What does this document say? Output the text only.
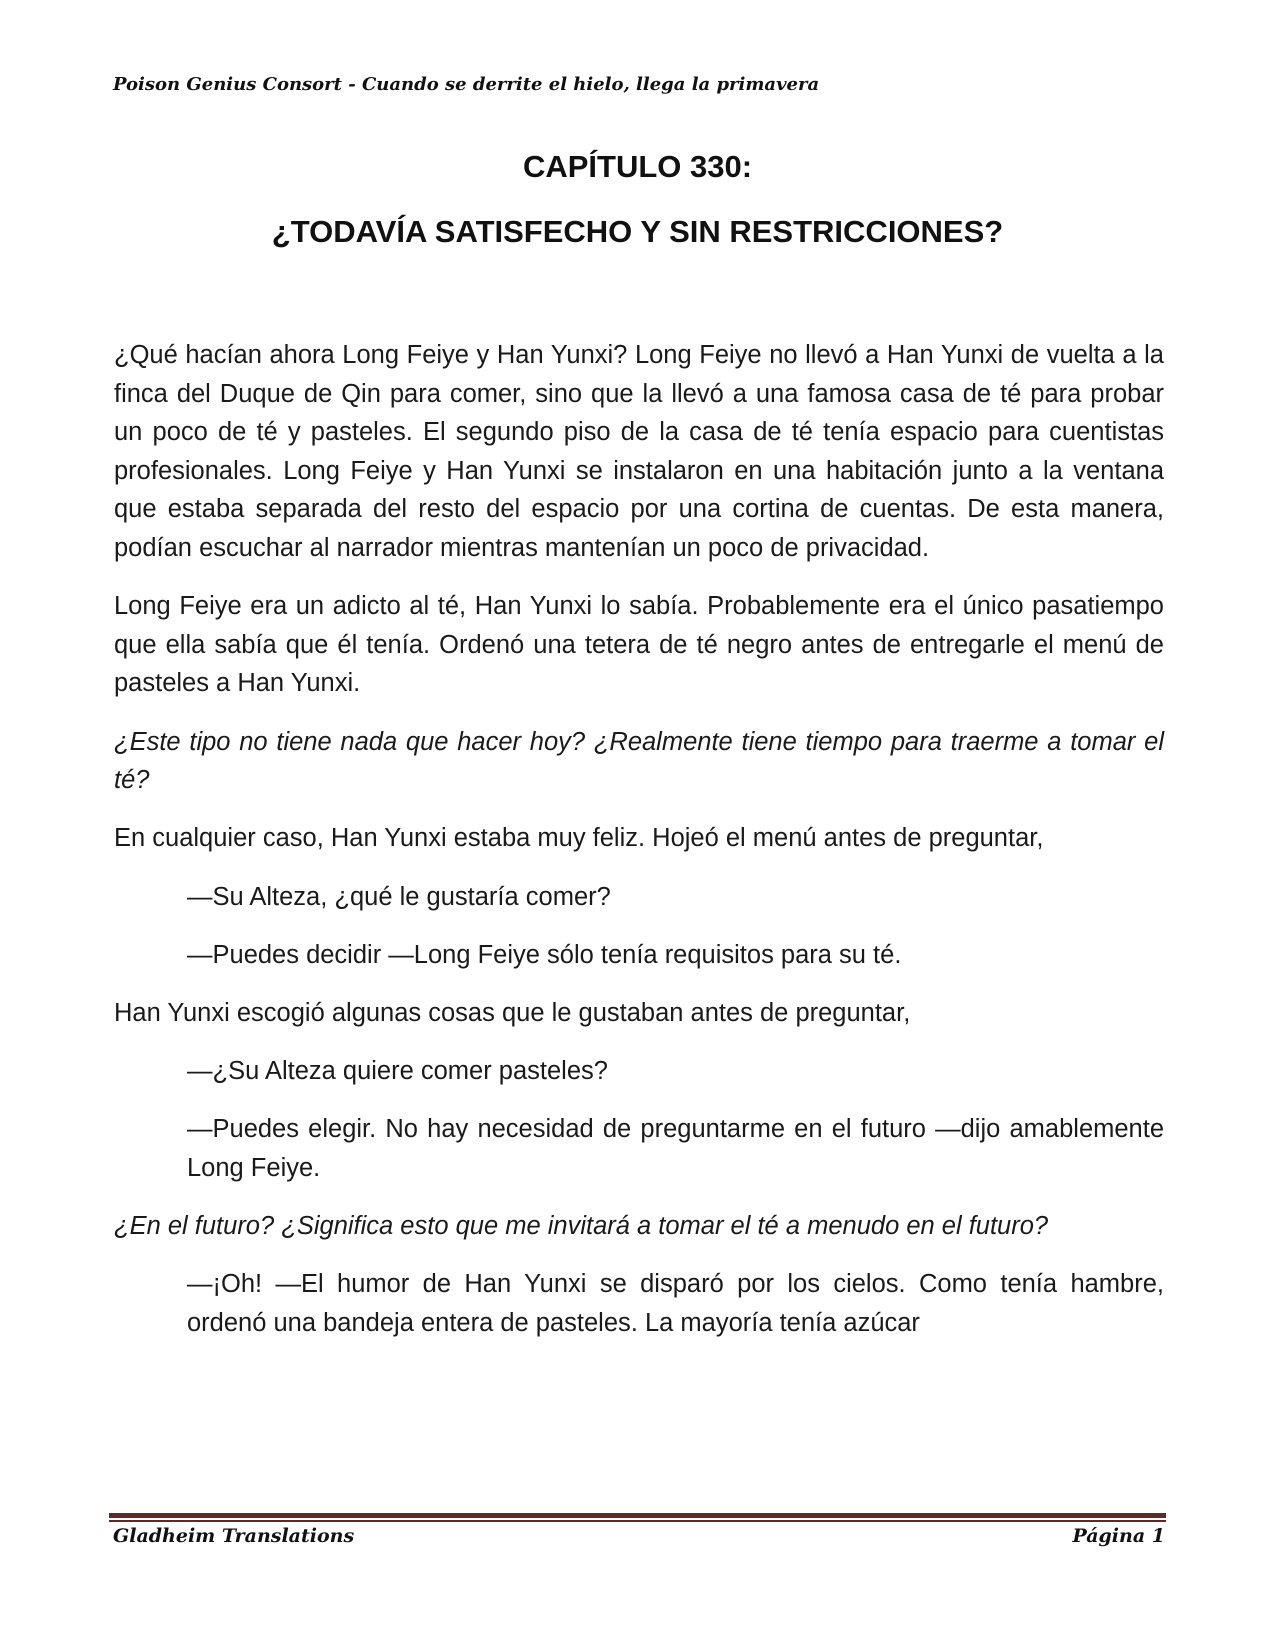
Poison Genius Consort - Cuando se derrite el hielo, llega la primavera
CAPÍTULO 330:
¿TODAVÍA SATISFECHO Y SIN RESTRICCIONES?

¿Qué hacían ahora Long Feiye y Han Yunxi? Long Feiye no llevó a Han Yunxi de vuelta a la finca del Duque de Qin para comer, sino que la llevó a una famosa casa de té para probar un poco de té y pasteles. El segundo piso de la casa de té tenía espacio para cuentistas profesionales. Long Feiye y Han Yunxi se instalaron en una habitación junto a la ventana que estaba separada del resto del espacio por una cortina de cuentas. De esta manera, podían escuchar al narrador mientras mantenían un poco de privacidad.

Long Feiye era un adicto al té, Han Yunxi lo sabía. Probablemente era el único pasatiempo que ella sabía que él tenía. Ordenó una tetera de té negro antes de entregarle el menú de pasteles a Han Yunxi.

¿Este tipo no tiene nada que hacer hoy? ¿Realmente tiene tiempo para traerme a tomar el té?

En cualquier caso, Han Yunxi estaba muy feliz. Hojeó el menú antes de preguntar,

—Su Alteza, ¿qué le gustaría comer?

—Puedes decidir —Long Feiye sólo tenía requisitos para su té.

Han Yunxi escogió algunas cosas que le gustaban antes de preguntar,

—¿Su Alteza quiere comer pasteles?

—Puedes elegir. No hay necesidad de preguntarme en el futuro —dijo amablemente Long Feiye.

¿En el futuro? ¿Significa esto que me invitará a tomar el té a menudo en el futuro?

—¡Oh! —El humor de Han Yunxi se disparó por los cielos. Como tenía hambre, ordenó una bandeja entera de pasteles. La mayoría tenía azúcar

Gladheim Translations	Página 1
